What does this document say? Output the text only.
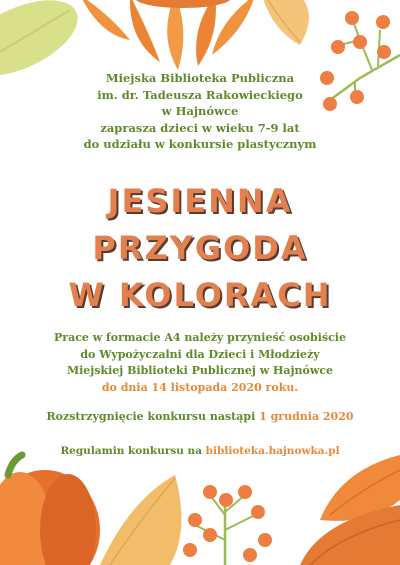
Miejska Biblioteka Publiczna
im. dr. Tadeusza Rakowieckiego
w Hajnówce
zaprasza dzieci w wieku 7-9 lat
do udziału w konkursie plastycznym
JESIENNA
PRZYGODA
W KOLORACH
Prace w formacie A4 należy przynieść osobiście
do Wypożyczalni dla Dzieci i Młodzieży
Miejskiej Biblioteki Publicznej w Hajnówce
do dnia 14 listopada 2020 roku.
Rozstrzygnięcie konkursu nastąpi 1 grudnia 2020
Regulamin konkursu na biblioteka.hajnowka.pl
